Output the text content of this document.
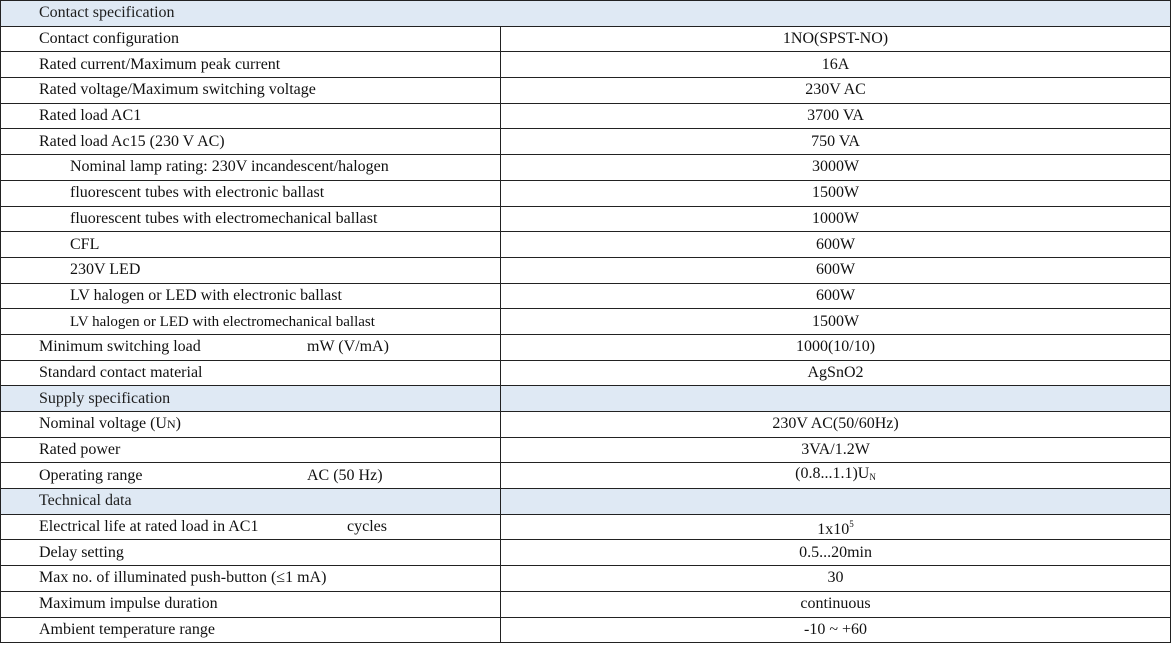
Contact specification	
Contact configuration	1NO(SPST-NO)
Rated current/Maximum peak current	16A
Rated voltage/Maximum switching voltage	230V AC
Rated load AC1	3700 VA
Rated load Ac15 (230 V AC)	750 VA
Nominal lamp rating: 230V incandescent/halogen	3000W
fluorescent tubes with electronic ballast	1500W
fluorescent tubes with electromechanical ballast	1000W
CFL	600W
230V LED	600W
LV halogen or LED with electronic ballast	600W
LV halogen or LED with electromechanical ballast	1500W
Minimum switching load mW (V/mA)	1000(10/10)
Standard contact material	AgSnO2
Supply specification	
Nominal voltage (UN)	230V AC(50/60Hz)
Rated power	3VA/1.2W
Operating range AC (50 Hz)	(0.8...1.1)UN
Technical data	
Electrical life at rated load in AC1 cycles	$1x10^5$
Delay setting	0.5...20min
Max no. of illuminated push-button (≤1 mA)	30
Maximum impulse duration	continuous
Ambient temperature range	-10 ~ +60
